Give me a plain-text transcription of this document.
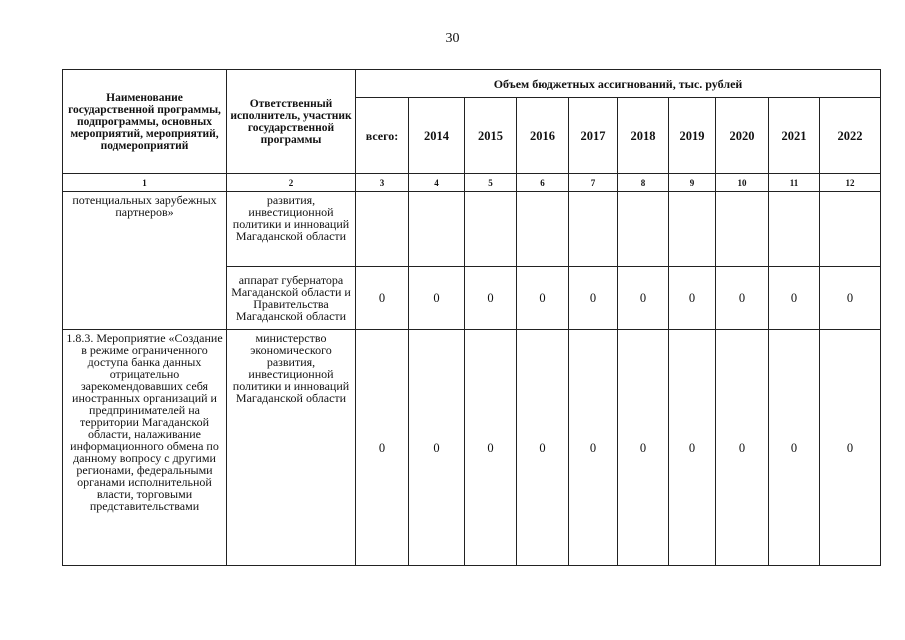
30
Наименование государственной программы, подпрограммы, основных мероприятий, мероприятий, подмероприятий	Ответственный исполнитель, участник государственной программы	Объем бюджетных ассигнований, тыс. рублей									
		всего:	2014	2015	2016	2017	2018	2019	2020	2021	2022
1	2	3	4	5	6	7	8	9	10	11	12
потенциальных зарубежных партнеров»	развития, инвестиционной политики и инноваций Магаданской области										
	аппарат губернатора Магаданской области и Правительства Магаданской области	0	0	0	0	0	0	0	0	0	0
1.8.3. Мероприятие «Создание в режиме ограниченного доступа банка данных отрицательно зарекомендовавших себя иностранных организаций и предпринимателей на территории Магаданской области, налаживание информационного обмена по данному вопросу с другими регионами, федеральными органами исполнительной власти, торговыми представительствами	министерство экономического развития, инвестиционной политики и инноваций Магаданской области	0	0	0	0	0	0	0	0	0	0
